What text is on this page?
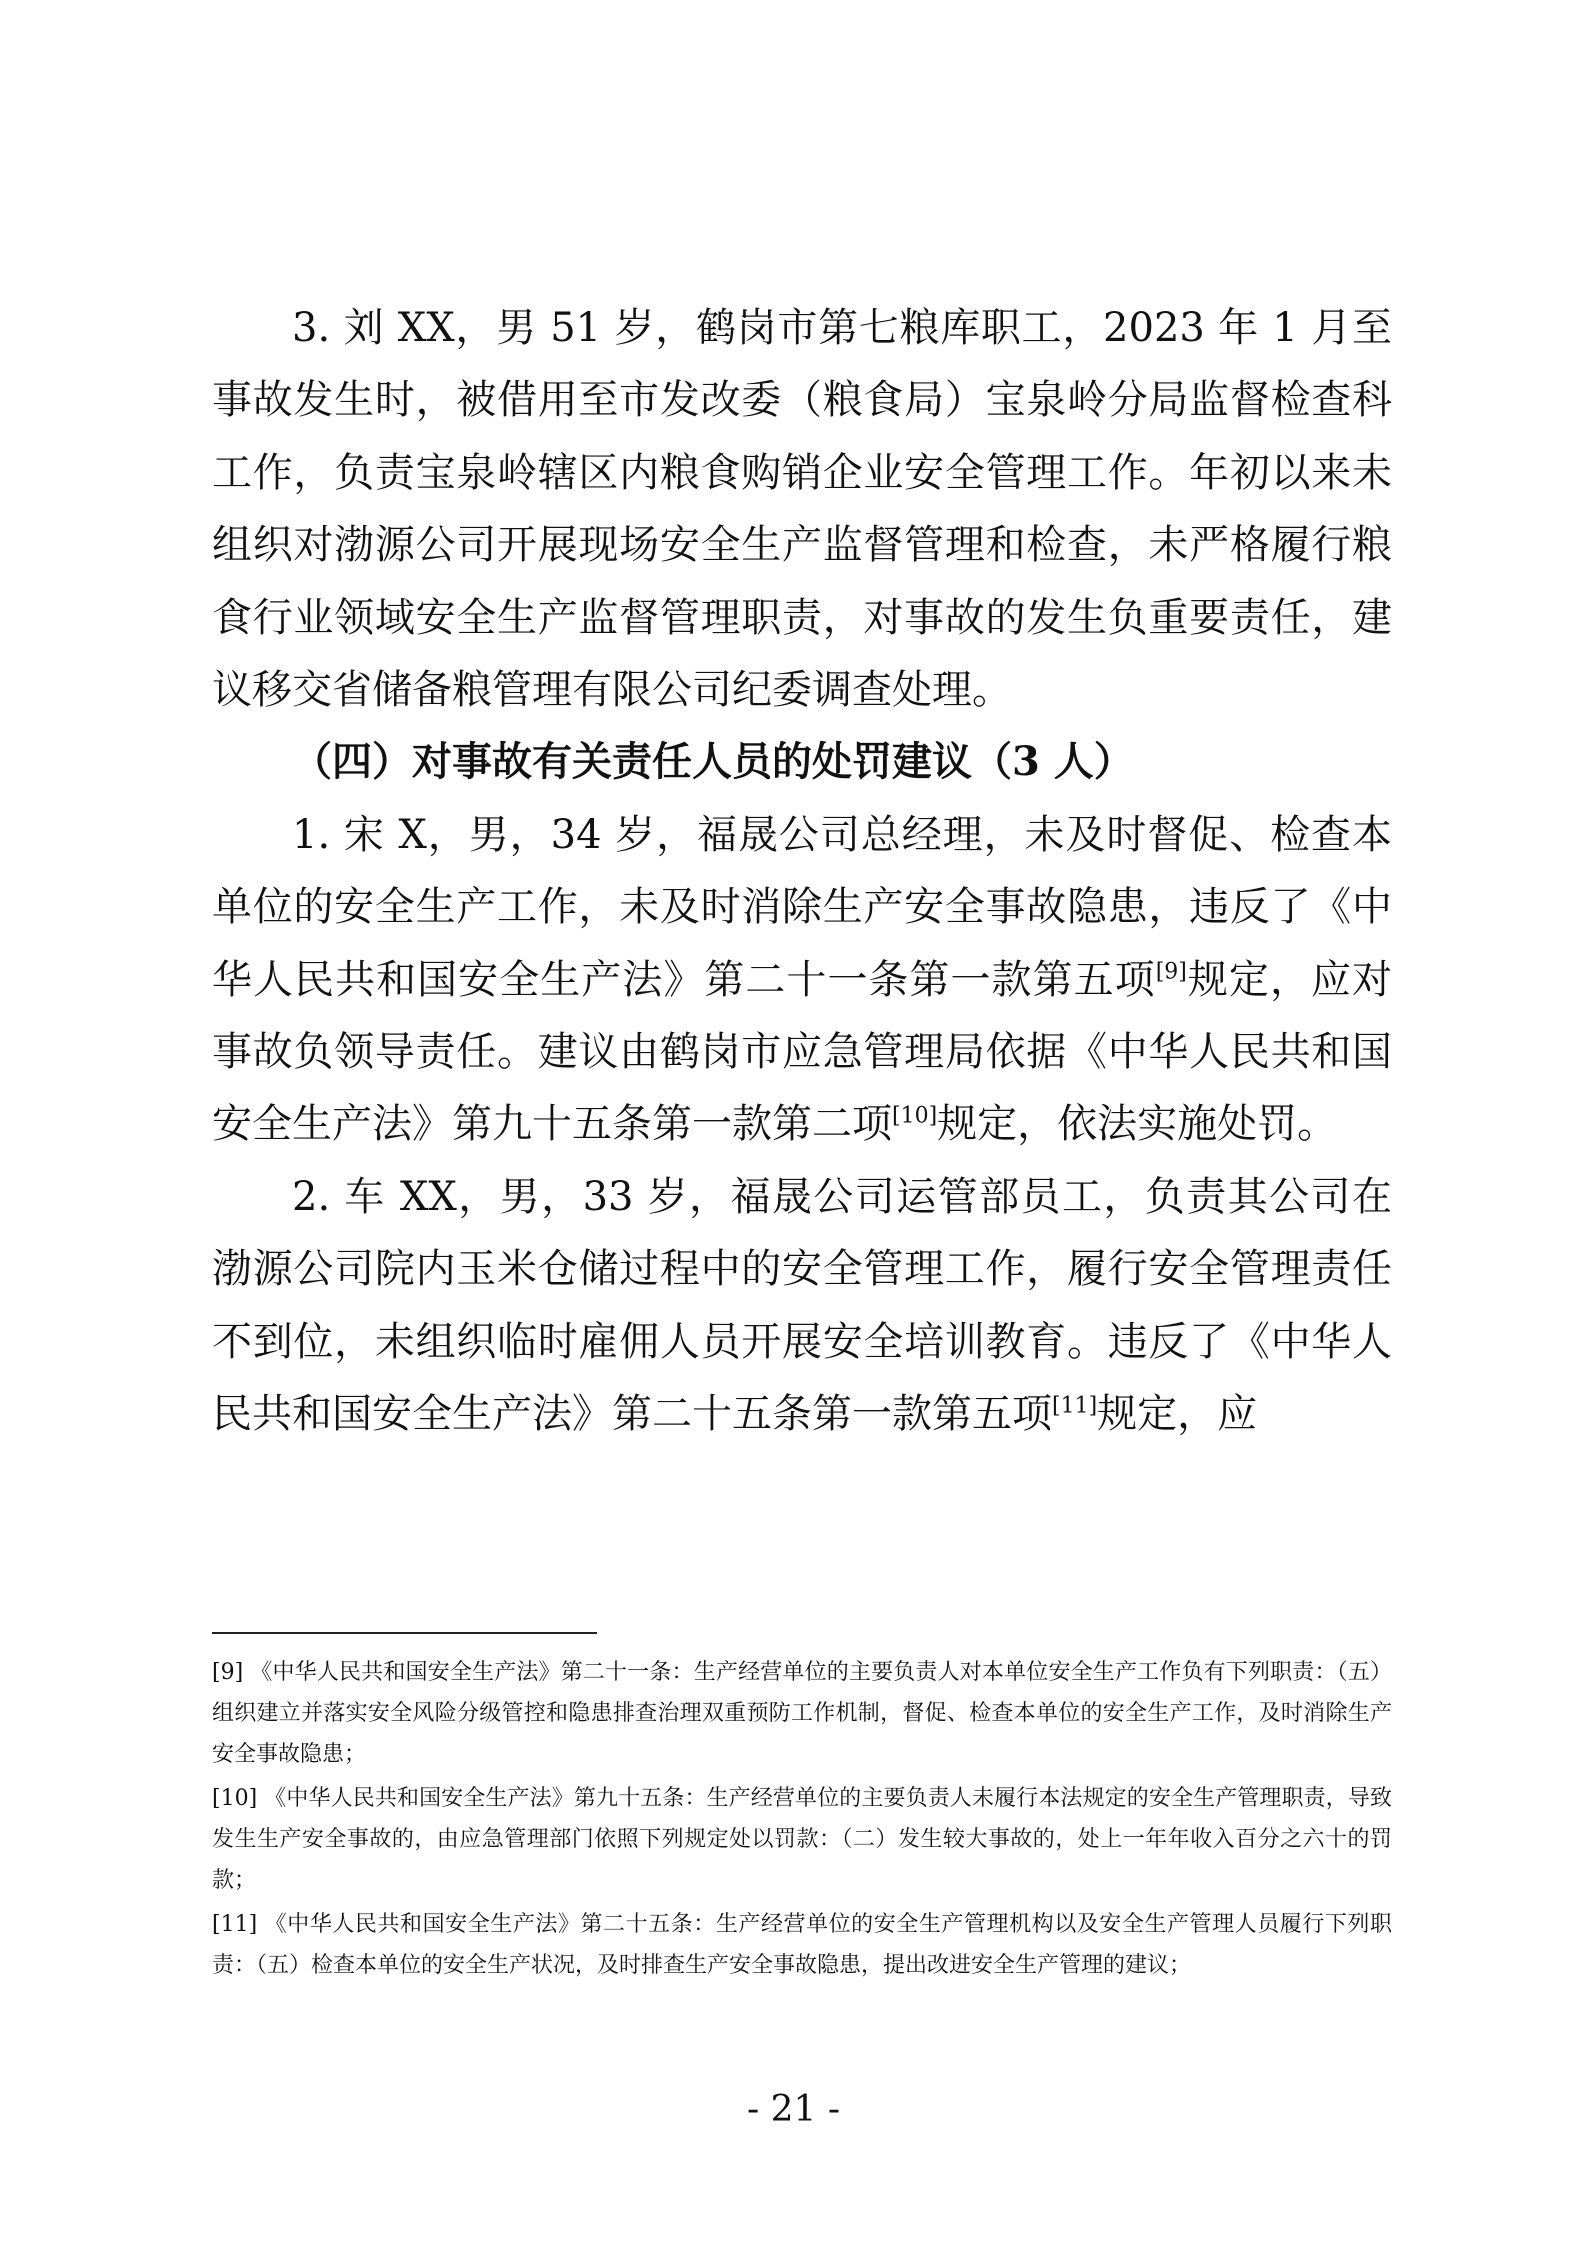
3. 刘 XX，男 51 岁，鹤岗市第七粮库职工，2023 年 1 月至事故发生时，被借用至市发改委（粮食局）宝泉岭分局监督检查科工作，负责宝泉岭辖区内粮食购销企业安全管理工作。年初以来未组织对渤源公司开展现场安全生产监督管理和检查，未严格履行粮食行业领域安全生产监督管理职责，对事故的发生负重要责任，建议移交省储备粮管理有限公司纪委调查处理。

（四）对事故有关责任人员的处罚建议（3 人）

1. 宋 X，男，34 岁，福晟公司总经理，未及时督促、检查本单位的安全生产工作，未及时消除生产安全事故隐患，违反了《中华人民共和国安全生产法》第二十一条第一款第五项[9]规定，应对事故负领导责任。建议由鹤岗市应急管理局依据《中华人民共和国安全生产法》第九十五条第一款第二项[10]规定，依法实施处罚。

2. 车 XX，男，33 岁，福晟公司运管部员工，负责其公司在渤源公司院内玉米仓储过程中的安全管理工作，履行安全管理责任不到位，未组织临时雇佣人员开展安全培训教育。违反了《中华人民共和国安全生产法》第二十五条第一款第五项[11]规定，应

[9] 《中华人民共和国安全生产法》第二十一条：生产经营单位的主要负责人对本单位安全生产工作负有下列职责：（五）组织建立并落实安全风险分级管控和隐患排查治理双重预防工作机制，督促、检查本单位的安全生产工作，及时消除生产安全事故隐患；

[10] 《中华人民共和国安全生产法》第九十五条：生产经营单位的主要负责人未履行本法规定的安全生产管理职责，导致发生生产安全事故的，由应急管理部门依照下列规定处以罚款：（二）发生较大事故的，处上一年年收入百分之六十的罚款；

[11] 《中华人民共和国安全生产法》第二十五条：生产经营单位的安全生产管理机构以及安全生产管理人员履行下列职责：（五）检查本单位的安全生产状况，及时排查生产安全事故隐患，提出改进安全生产管理的建议；

- 21 -
